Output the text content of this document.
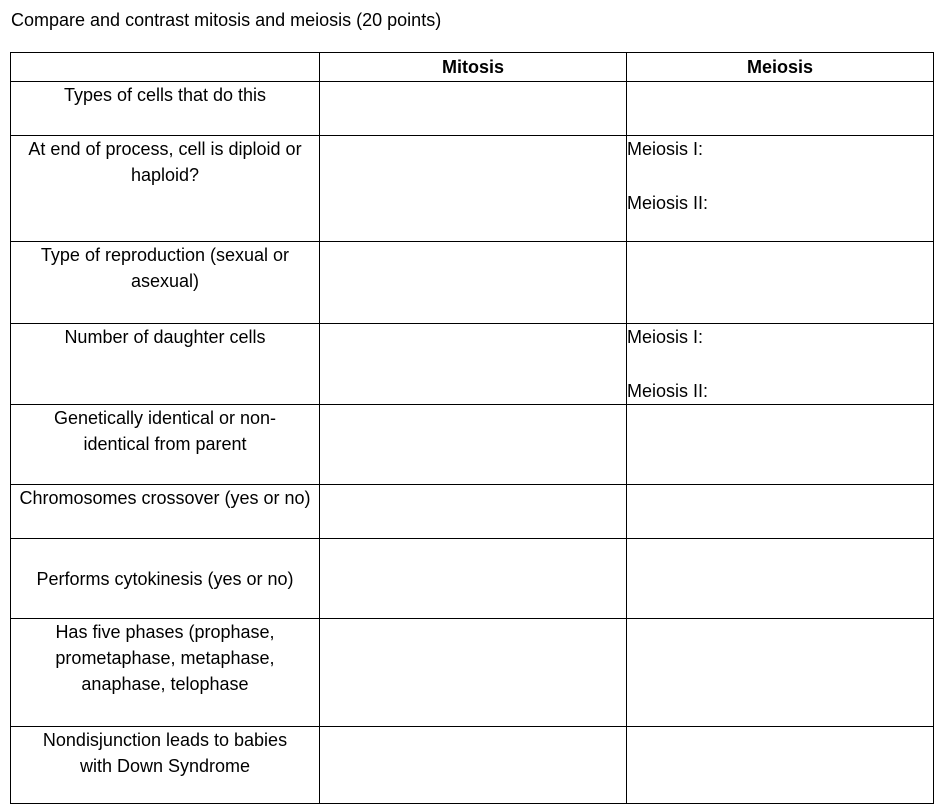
Compare and contrast mitosis and meiosis (20 points)
	Mitosis	Meiosis
Types of cells that do this		
At end of process, cell is diploid or haploid?		Meiosis I:
Meiosis II:

Type of reproduction (sexual or asexual)		
Number of daughter cells		Meiosis I:
Meiosis II:

Genetically identical or non-identical from parent		
Chromosomes crossover (yes or no)		
Performs cytokinesis (yes or no)		
Has five phases (prophase, prometaphase, metaphase, anaphase, telophase		
Nondisjunction leads to babies with Down Syndrome		
